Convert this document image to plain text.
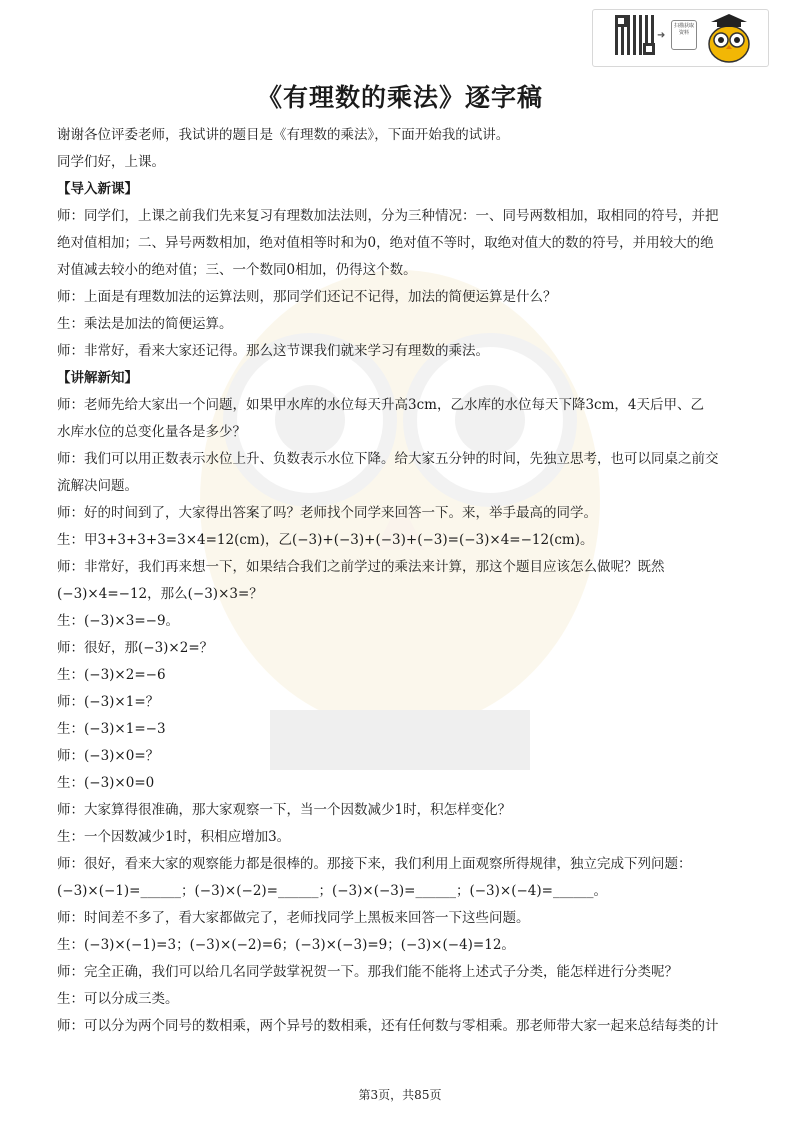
➜
扫描获取资料
《有理数的乘法》逐字稿

谢谢各位评委老师，我试讲的题目是《有理数的乘法》，下面开始我的试讲。

同学们好，上课。

【导入新课】

师：同学们，上课之前我们先来复习有理数加法法则，分为三种情况：一、同号两数相加，取相同的符号，并把

绝对值相加；二、异号两数相加，绝对值相等时和为0，绝对值不等时，取绝对值大的数的符号，并用较大的绝

对值减去较小的绝对值；三、一个数同0相加，仍得这个数。

师：上面是有理数加法的运算法则，那同学们还记不记得，加法的简便运算是什么？

生：乘法是加法的简便运算。

师：非常好，看来大家还记得。那么这节课我们就来学习有理数的乘法。

【讲解新知】

师：老师先给大家出一个问题，如果甲水库的水位每天升高3cm，乙水库的水位每天下降3cm，4天后甲、乙

水库水位的总变化量各是多少？

师：我们可以用正数表示水位上升、负数表示水位下降。给大家五分钟的时间，先独立思考，也可以同桌之前交

流解决问题。

师：好的时间到了，大家得出答案了吗？老师找个同学来回答一下。来，举手最高的同学。

生：甲3+3+3+3=3×4=12(cm)，乙(−3)+(−3)+(−3)+(−3)=(−3)×4=−12(cm)。

师：非常好，我们再来想一下，如果结合我们之前学过的乘法来计算，那这个题目应该怎么做呢？既然

(−3)×4=−12，那么(−3)×3=？

生：(−3)×3=−9。

师：很好，那(−3)×2=？

生：(−3)×2=−6

师：(−3)×1=？

生：(−3)×1=−3

师：(−3)×0=？

生：(−3)×0=0

师：大家算得很准确，那大家观察一下，当一个因数减少1时，积怎样变化？

生：一个因数减少1时，积相应增加3。

师：很好，看来大家的观察能力都是很棒的。那接下来，我们利用上面观察所得规律，独立完成下列问题：

(−3)×(−1)=______；(−3)×(−2)=______；(−3)×(−3)=______；(−3)×(−4)=______。

师：时间差不多了，看大家都做完了，老师找同学上黑板来回答一下这些问题。

生：(−3)×(−1)=3；(−3)×(−2)=6；(−3)×(−3)=9；(−3)×(−4)=12。

师：完全正确，我们可以给几名同学鼓掌祝贺一下。那我们能不能将上述式子分类，能怎样进行分类呢？

生：可以分成三类。

师：可以分为两个同号的数相乘，两个异号的数相乘，还有任何数与零相乘。那老师带大家一起来总结每类的计

第3页，共85页
